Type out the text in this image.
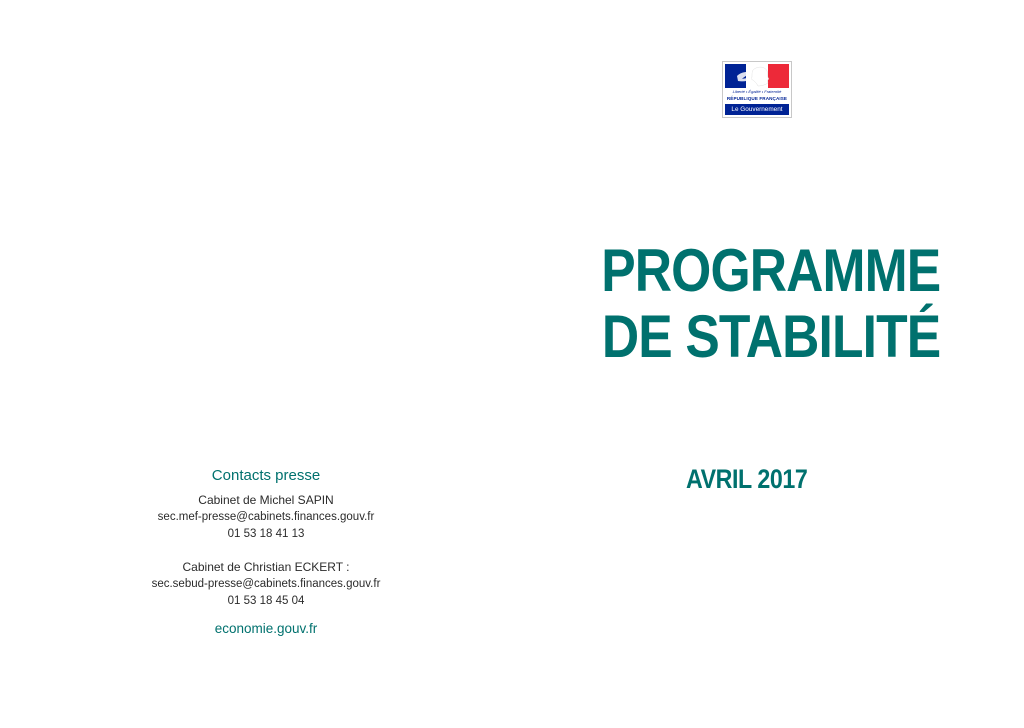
Liberté • Égalité • Fraternité
RÉPUBLIQUE FRANÇAISE
Le Gouvernement
PROGRAMME
DE STABILITÉ
AVRIL 2017
Contacts presse
Cabinet de Michel SAPIN
sec.mef-presse@cabinets.finances.gouv.fr
01 53 18 41 13
Cabinet de Christian ECKERT :
sec.sebud-presse@cabinets.finances.gouv.fr
01 53 18 45 04
economie.gouv.fr
